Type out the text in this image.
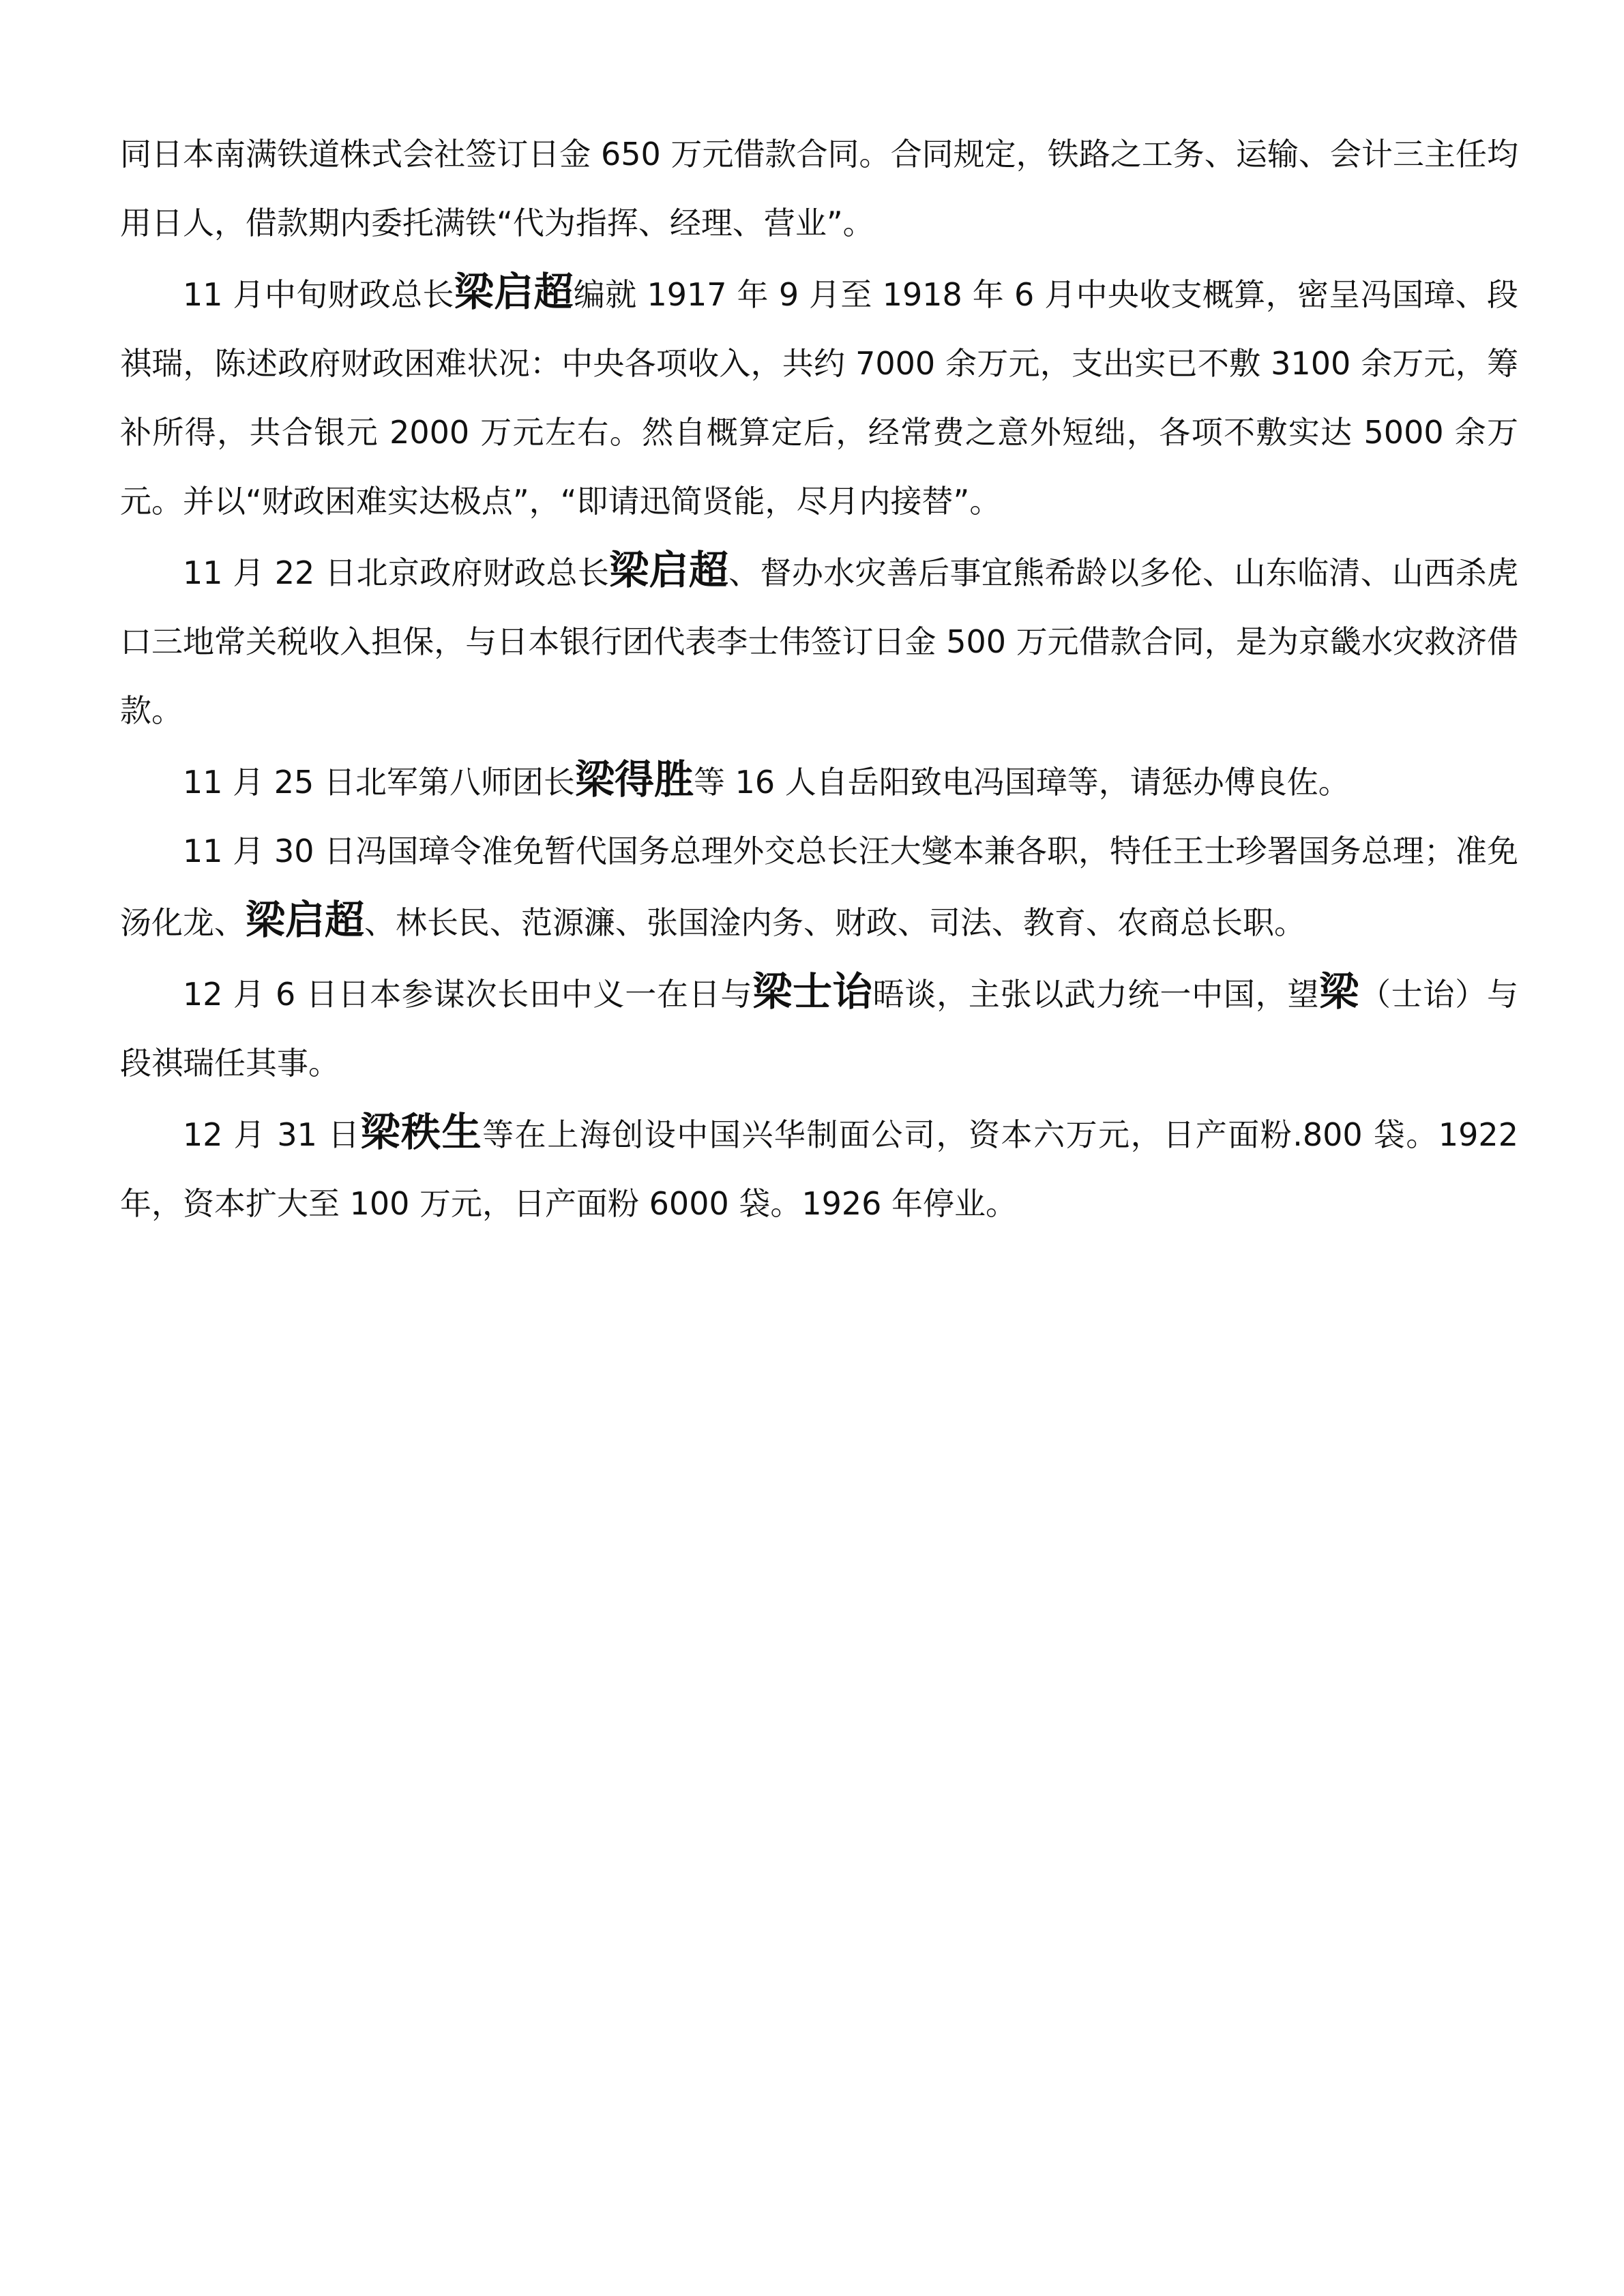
同日本南满铁道株式会社签订日金 650 万元借款合同。合同规定，铁路之工务、运输、会计三主任均用日人，借款期内委托满铁“代为指挥、经理、营业”。

11 月中旬财政总长梁启超编就 1917 年 9 月至 1918 年 6 月中央收支概算，密呈冯国璋、段祺瑞，陈述政府财政困难状况：中央各项收入，共约 7000 余万元，支出实已不敷 3100 余万元，筹补所得，共合银元 2000 万元左右。然自概算定后，经常费之意外短绌，各项不敷实达 5000 余万元。并以“财政困难实达极点”，“即请迅简贤能，尽月内接替”。

11 月 22 日北京政府财政总长梁启超、督办水灾善后事宜熊希龄以多伦、山东临清、山西杀虎口三地常关税收入担保，与日本银行团代表李士伟签订日金 500 万元借款合同，是为京畿水灾救济借款。

11 月 25 日北军第八师团长梁得胜等 16 人自岳阳致电冯国璋等，请惩办傅良佐。

11 月 30 日冯国璋令准免暂代国务总理外交总长汪大燮本兼各职，特任王士珍署国务总理；准免汤化龙、梁启超、林长民、范源濂、张国淦内务、财政、司法、教育、农商总长职。

12 月 6 日日本参谋次长田中义一在日与梁士诒晤谈，主张以武力统一中国，望梁（士诒）与段祺瑞任其事。

12 月 31 日梁秩生等在上海创设中国兴华制面公司，资本六万元，日产面粉.800 袋。1922 年，资本扩大至 100 万元，日产面粉 6000 袋。1926 年停业。
